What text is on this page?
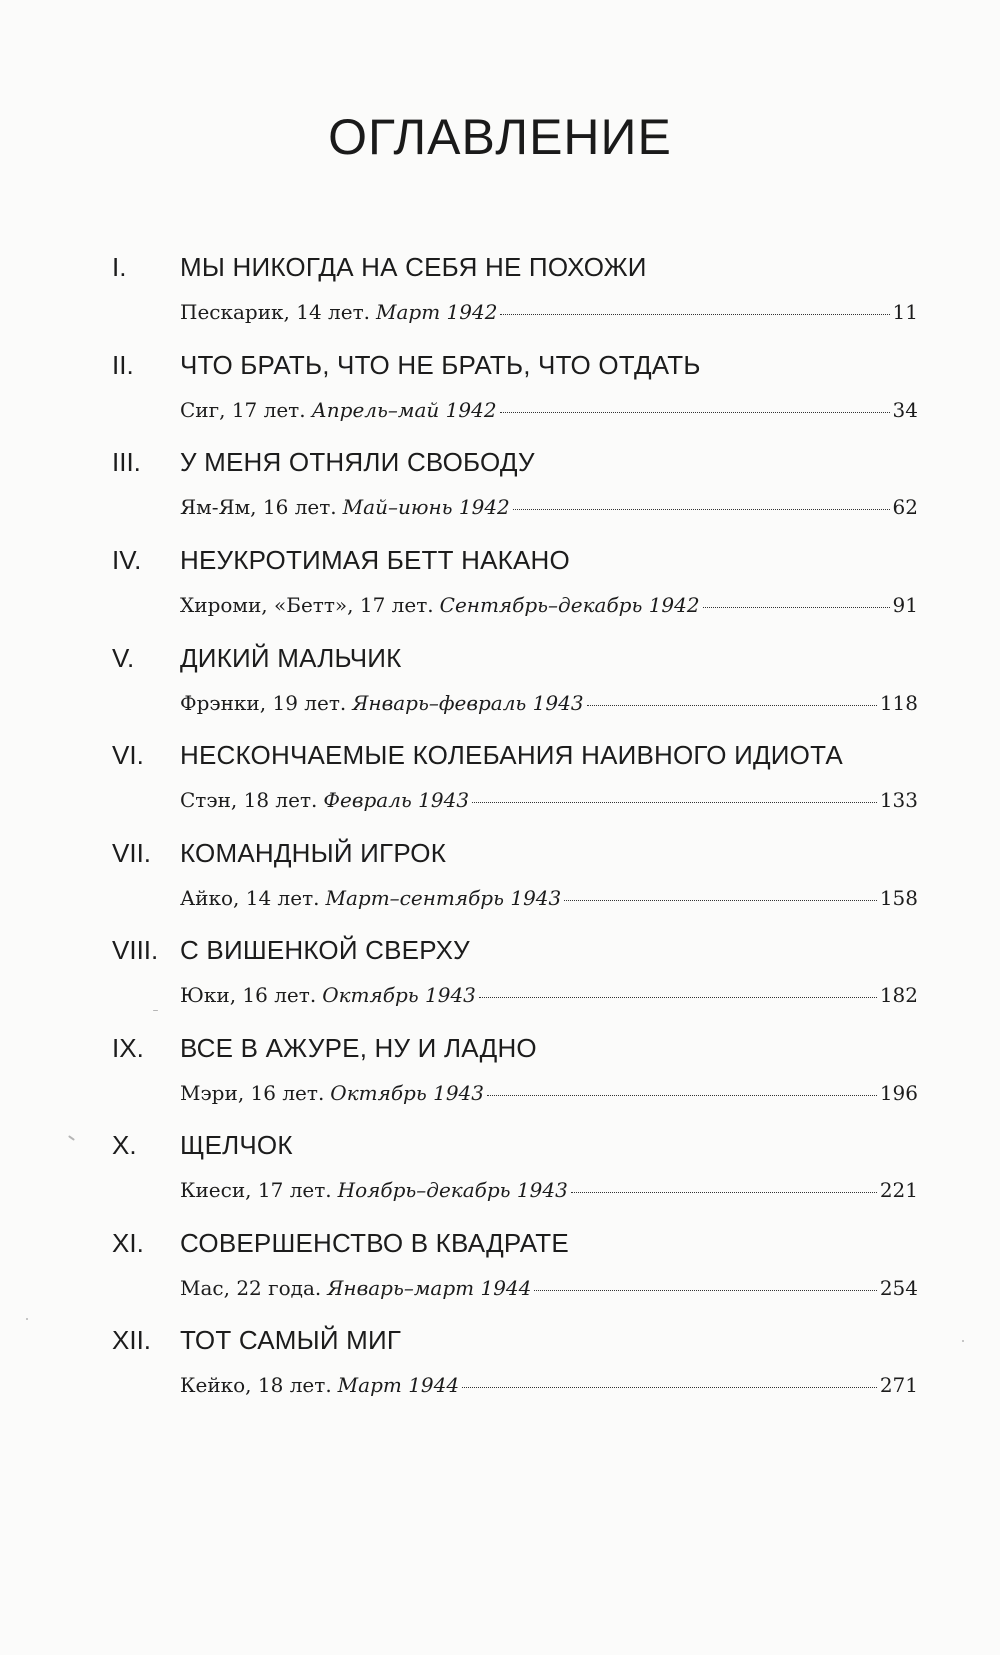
ОГЛАВЛЕНИЕ
I. МЫ НИКОГДА НА СЕБЯ НЕ ПОХОЖИ
Пескарик, 14 лет. Март 1942	11
II. ЧТО БРАТЬ, ЧТО НЕ БРАТЬ, ЧТО ОТДАТЬ
Сиг, 17 лет. Апрель–май 1942	34
III. У МЕНЯ ОТНЯЛИ СВОБОДУ
Ям-Ям, 16 лет. Май–июнь 1942	62
IV. НЕУКРОТИМАЯ БЕТТ НАКАНО
Хироми, «Бетт», 17 лет. Сентябрь–декабрь 1942	91
V. ДИКИЙ МАЛЬЧИК
Фрэнки, 19 лет. Январь–февраль 1943	118
VI. НЕСКОНЧАЕМЫЕ КОЛЕБАНИЯ НАИВНОГО ИДИОТА
Стэн, 18 лет. Февраль 1943	133
VII. КОМАНДНЫЙ ИГРОК
Айко, 14 лет. Март–сентябрь 1943	158
VIII. С ВИШЕНКОЙ СВЕРХУ
Юки, 16 лет. Октябрь 1943	182
IX. ВСЕ В АЖУРЕ, НУ И ЛАДНО
Мэри, 16 лет. Октябрь 1943	196
X. ЩЕЛЧОК
Киеси, 17 лет. Ноябрь–декабрь 1943	221
XI. СОВЕРШЕНСТВО В КВАДРАТЕ
Мас, 22 года. Январь–март 1944	254
XII. ТОТ САМЫЙ МИГ
Кейко, 18 лет. Март 1944	271
